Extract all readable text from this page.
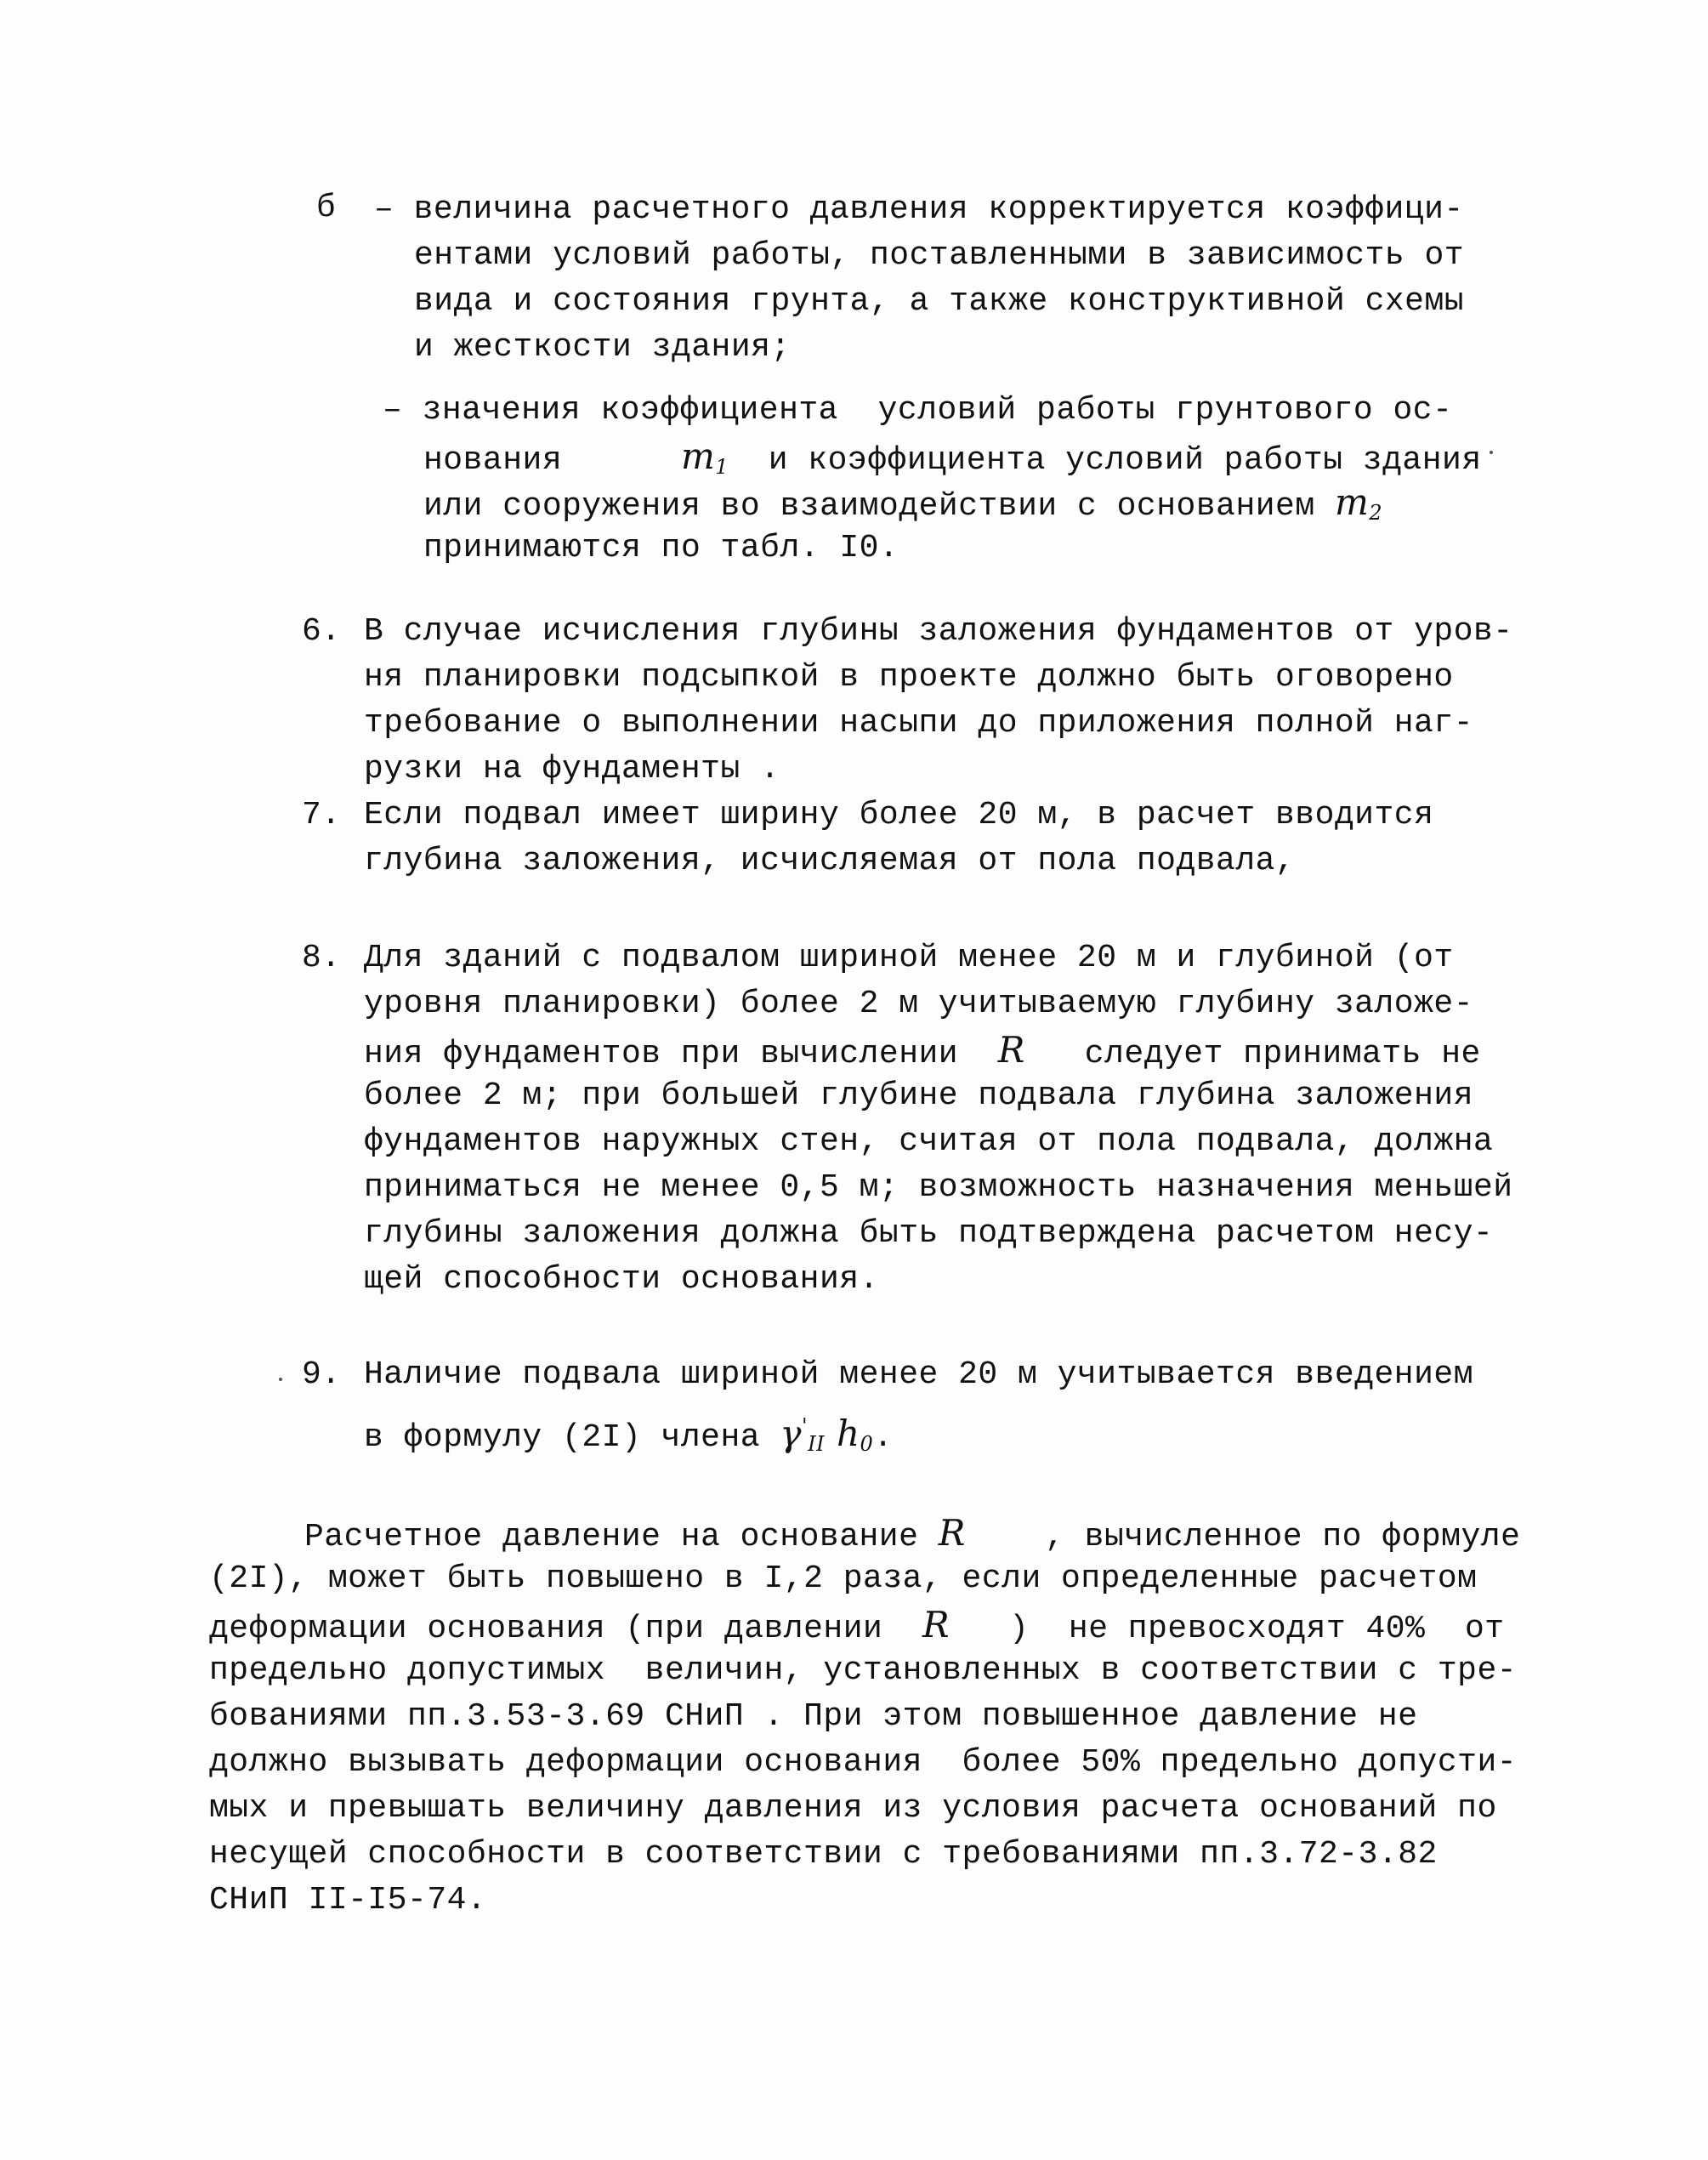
б – величина расчетного давления корректируется коэффици-
ентами условий работы, поставленными в зависимость от
вида и состояния грунта, а также конструктивной схемы
и жесткости здания;
– значения коэффициента  условий работы грунтового ос-
нования	$m_1$ и коэффициента условий работы здания
или сооружения во взаимодействии с основанием $m_2$
принимаются по табл. I0.
6. В случае исчисления глубины заложения фундаментов от уров-
ня планировки подсыпкой в проекте должно быть оговорено
требование о выполнении насыпи до приложения полной наг-
рузки на фундаменты .
7. Если подвал имеет ширину более 20 м, в расчет вводится
глубина заложения, исчисляемая от пола подвала,
8. Для зданий с подвалом шириной менее 20 м и глубиной (от
уровня планировки) более 2 м учитываемую глубину заложе-
ния фундаментов при вычислении R следует принимать не
более 2 м; при большей глубине подвала глубина заложения
фундаментов наружных стен, считая от пола подвала, должна
приниматься не менее 0,5 м; возможность назначения меньшей
глубины заложения должна быть подтверждена расчетом несу-
щей способности основания.
9. Наличие подвала шириной менее 20 м учитывается введением
в формулу (2I) члена $\gamma'_{II}$ $h_0$.
Расчетное давление на основание R , вычисленное по формуле
(2I), может быть повышено в I,2 раза, если определенные расчетом
деформации основания (при давлении R )  не превосходят 40%  от
предельно допустимых  величин, установленных в соответствии с тре-
бованиями пп.3.53-3.69 СНиП . При этом повышенное давление не
должно вызывать деформации основания  более 50% предельно допусти-
мых и превышать величину давления из условия расчета оснований по
несущей способности в соответствии с требованиями пп.3.72-3.82
СНиП II-I5-74.
